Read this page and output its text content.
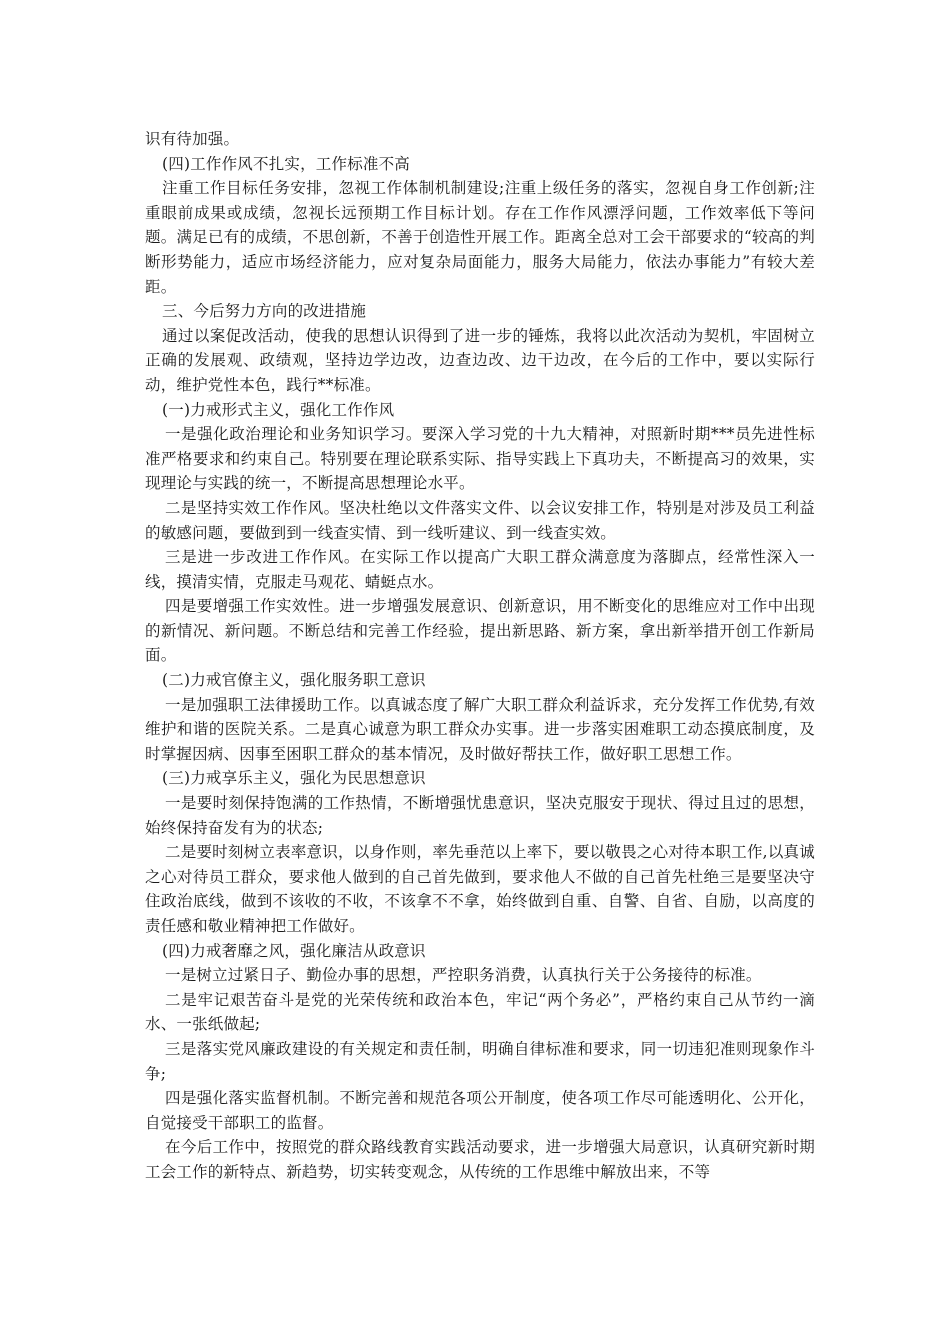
识有待加强。

(四)工作作风不扎实，工作标准不高

注重工作目标任务安排，忽视工作体制机制建设;注重上级任务的落实，忽视自身工作创新;注重眼前成果或成绩，忽视长远预期工作目标计划。存在工作作风漂浮问题，工作效率低下等问题。满足已有的成绩，不思创新，不善于创造性开展工作。距离全总对工会干部要求的“较高的判断形势能力，适应市场经济能力，应对复杂局面能力，服务大局能力，依法办事能力”有较大差距。

三、今后努力方向的改进措施

通过以案促改活动，使我的思想认识得到了进一步的锤炼，我将以此次活动为契机，牢固树立正确的发展观、政绩观，坚持边学边改，边查边改、边干边改，在今后的工作中，要以实际行动，维护党性本色，践行**标准。

(一)力戒形式主义，强化工作作风

一是强化政治理论和业务知识学习。要深入学习党的十九大精神，对照新时期***员先进性标准严格要求和约束自己。特别要在理论联系实际、指导实践上下真功夫，不断提高习的效果，实现理论与实践的统一，不断提高思想理论水平。

二是坚持实效工作作风。坚决杜绝以文件落实文件、以会议安排工作，特别是对涉及员工利益的敏感问题，要做到到一线查实情、到一线听建议、到一线查实效。

三是进一步改进工作作风。在实际工作以提高广大职工群众满意度为落脚点，经常性深入一线，摸清实情，克服走马观花、蜻蜓点水。

四是要增强工作实效性。进一步增强发展意识、创新意识，用不断变化的思维应对工作中出现的新情况、新问题。不断总结和完善工作经验，提出新思路、新方案，拿出新举措开创工作新局面。

(二)力戒官僚主义，强化服务职工意识

一是加强职工法律援助工作。以真诚态度了解广大职工群众利益诉求，充分发挥工作优势,有效维护和谐的医院关系。二是真心诚意为职工群众办实事。进一步落实困难职工动态摸底制度，及时掌握因病、因事至困职工群众的基本情况，及时做好帮扶工作，做好职工思想工作。

(三)力戒享乐主义，强化为民思想意识

一是要时刻保持饱满的工作热情，不断增强忧患意识，坚决克服安于现状、得过且过的思想，始终保持奋发有为的状态;

二是要时刻树立表率意识，以身作则，率先垂范以上率下，要以敬畏之心对待本职工作,以真诚之心对待员工群众，要求他人做到的自己首先做到，要求他人不做的自己首先杜绝三是要坚决守住政治底线，做到不该收的不收，不该拿不不拿，始终做到自重、自警、自省、自励，以高度的责任感和敬业精神把工作做好。

(四)力戒奢靡之风，强化廉洁从政意识

一是树立过紧日子、勤俭办事的思想，严控职务消费，认真执行关于公务接待的标准。

二是牢记艰苦奋斗是党的光荣传统和政治本色，牢记“两个务必”，严格约束自己从节约一滴水、一张纸做起;

三是落实党风廉政建设的有关规定和责任制，明确自律标准和要求，同一切违犯准则现象作斗争;

四是强化落实监督机制。不断完善和规范各项公开制度，使各项工作尽可能透明化、公开化，自觉接受干部职工的监督。

在今后工作中，按照党的群众路线教育实践活动要求，进一步增强大局意识，认真研究新时期工会工作的新特点、新趋势，切实转变观念，从传统的工作思维中解放出来，不等
